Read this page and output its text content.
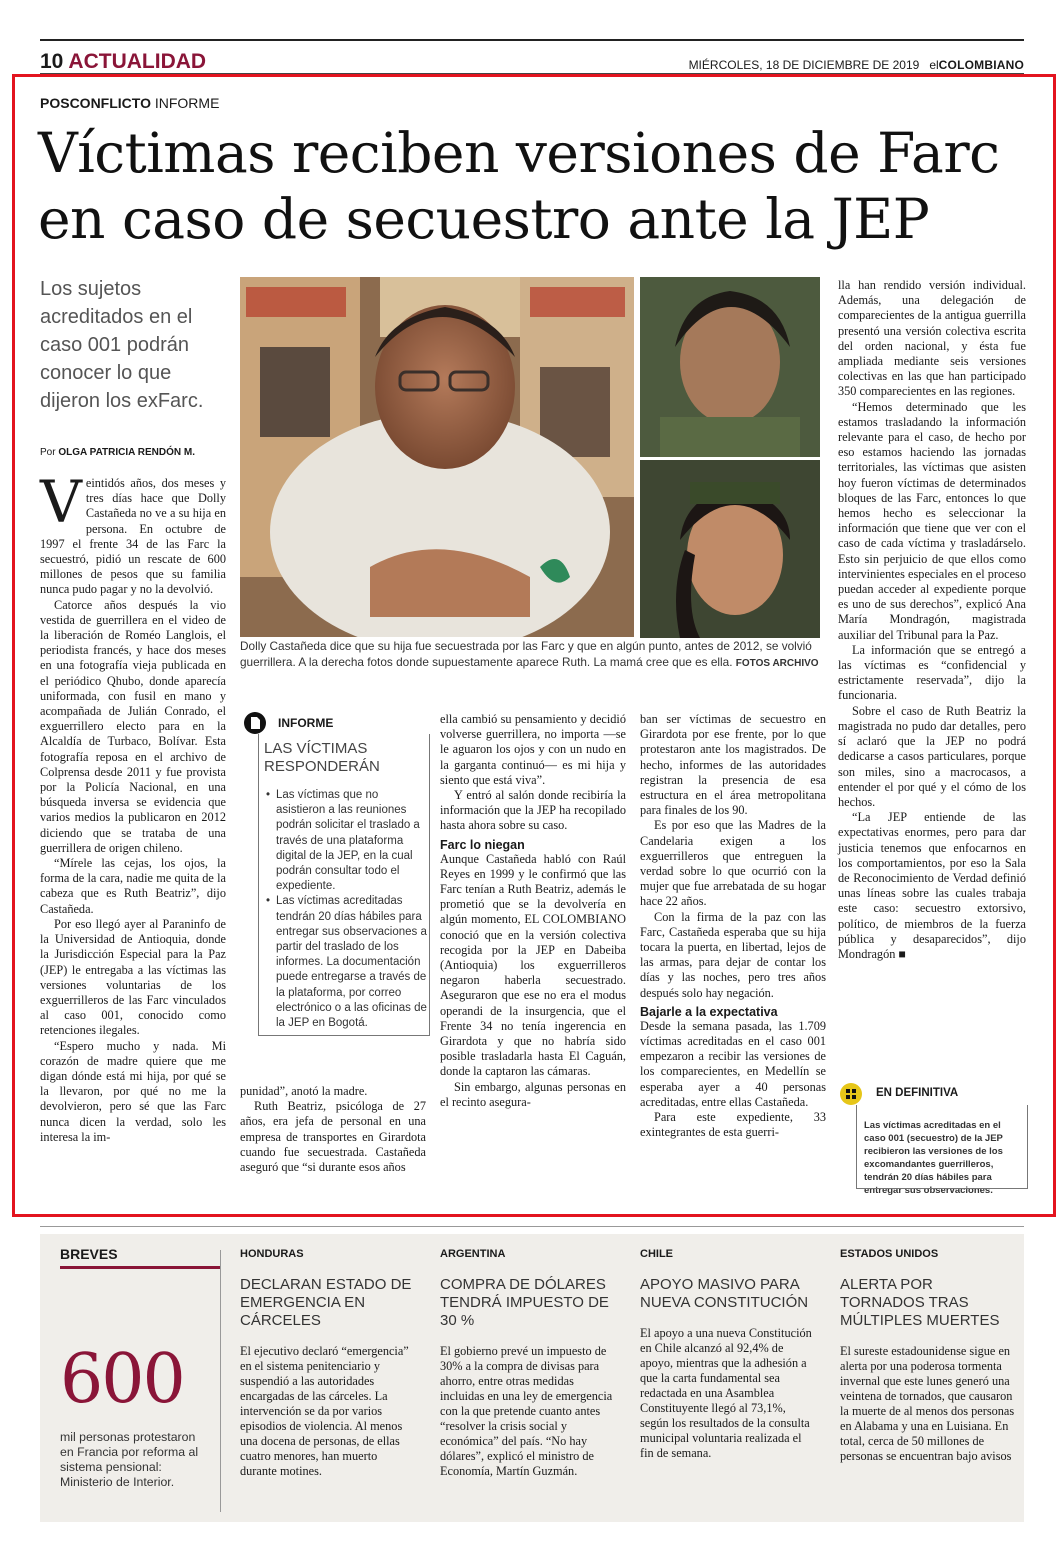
10 ACTUALIDAD	MIÉRCOLES, 18 DE DICIEMBRE DE 2019 elCOLOMBIANO
POSCONFLICTO INFORME
Víctimas reciben versiones de Farc
en caso de secuestro ante la JEP
Los sujetos acreditados en el caso 001 podrán conocer lo que dijeron los exFarc.
Por OLGA PATRICIA RENDÓN M.

Veintidós años, dos meses y tres días hace que Dolly Castañeda no ve a su hija en persona. En octubre de 1997 el frente 34 de las Farc la secuestró, pidió un rescate de 600 millones de pesos que su familia nunca pudo pagar y no la devolvió.

Catorce años después la vio vestida de guerrillera en el video de la liberación de Roméo Langlois, el periodista francés, y hace dos meses en una fotografía vieja publicada en el periódico Qhubo, donde aparecía uniformada, con fusil en mano y acompañada de Julián Conrado, el exguerrillero electo para en la Alcaldía de Turbaco, Bolívar. Esta fotografía reposa en el archivo de Colprensa desde 2011 y fue provista por la Policía Nacional, en una búsqueda inversa se evidencia que varios medios la publicaron en 2012 diciendo que se trataba de una guerrillera de origen chileno.

“Mírele las cejas, los ojos, la forma de la cara, nadie me quita de la cabeza que es Ruth Beatriz”, dijo Castañeda.

Por eso llegó ayer al Paraninfo de la Universidad de Antioquia, donde la Jurisdicción Especial para la Paz (JEP) le entregaba a las víctimas las versiones voluntarias de los exguerrilleros de las Farc vinculados al caso 001, conocido como retenciones ilegales.

“Espero mucho y nada. Mi corazón de madre quiere que me digan dónde está mi hija, por qué se la llevaron, por qué no me la devolvieron, pero sé que las Farc nunca dicen la verdad, solo les interesa la im-

Dolly Castañeda dice que su hija fue secuestrada por las Farc y que en algún punto, antes de 2012, se volvió guerrillera. A la derecha fotos donde supuestamente aparece Ruth. La mamá cree que es ella. FOTOS ARCHIVO
INFORME
LAS VÍCTIMAS RESPONDERÁN
• Las víctimas que no asistieron a las reuniones podrán solicitar el traslado a través de una plataforma digital de la JEP, en la cual podrán consultar todo el expediente.
• Las víctimas acreditadas tendrán 20 días hábiles para entregar sus observaciones a partir del traslado de los informes. La documentación puede entregarse a través de la plataforma, por correo electrónico o a las oficinas de la JEP en Bogotá.

punidad”, anotó la madre.

Ruth Beatriz, psicóloga de 27 años, era jefa de personal en una empresa de transportes en Girardota cuando fue secuestrada. Castañeda aseguró que “si durante esos años

ella cambió su pensamiento y decidió volverse guerrillera, no importa —se le aguaron los ojos y con un nudo en la garganta continuó— es mi hija y siento que está viva”.

Y entró al salón donde recibiría la información que la JEP ha recopilado hasta ahora sobre su caso.

Farc lo niegan

Aunque Castañeda habló con Raúl Reyes en 1999 y le confirmó que las Farc tenían a Ruth Beatriz, además le prometió que se la devolvería en algún momento, EL COLOMBIANO conoció que en la versión colectiva recogida por la JEP en Dabeiba (Antioquia) los exguerrilleros negaron haberla secuestrado. Aseguraron que ese no era el modus operandi de la insurgencia, que el Frente 34 no tenía ingerencia en Girardota y que no habría sido posible trasladarla hasta El Caguán, donde la captaron las cámaras.

Sin embargo, algunas personas en el recinto asegura-

ban ser víctimas de secuestro en Girardota por ese frente, por lo que protestaron ante los magistrados. De hecho, informes de las autoridades registran la presencia de esa estructura en el área metropolitana para finales de los 90.

Es por eso que las Madres de la Candelaria exigen a los exguerrilleros que entreguen la verdad sobre lo que ocurrió con la mujer que fue arrebatada de su hogar hace 22 años.

Con la firma de la paz con las Farc, Castañeda esperaba que su hija tocara la puerta, en libertad, lejos de las armas, para dejar de contar los días y las noches, pero tres años después solo hay negación.

Bajarle a la expectativa

Desde la semana pasada, las 1.709 víctimas acreditadas en el caso 001 empezaron a recibir las versiones de los comparecientes, en Medellín se esperaba ayer a 40 personas acreditadas, entre ellas Castañeda.

Para este expediente, 33 exintegrantes de esta guerri-

lla han rendido versión individual. Además, una delegación de comparecientes de la antigua guerrilla presentó una versión colectiva escrita del orden nacional, y ésta fue ampliada mediante seis versiones colectivas en las que han participado 350 comparecientes en las regiones.

“Hemos determinado que les estamos trasladando la información relevante para el caso, de hecho por eso estamos haciendo las jornadas territoriales, las víctimas que asisten hoy fueron víctimas de determinados bloques de las Farc, entonces lo que hemos hecho es seleccionar la información que tiene que ver con el caso de cada víctima y trasladárselo. Esto sin perjuicio de que ellos como intervinientes especiales en el proceso puedan acceder al expediente porque es uno de sus derechos”, explicó Ana María Mondragón, magistrada auxiliar del Tribunal para la Paz.

La información que se entregó a las víctimas es “confidencial y estrictamente reservada”, dijo la funcionaria.

Sobre el caso de Ruth Beatriz la magistrada no pudo dar detalles, pero sí aclaró que la JEP no podrá dedicarse a casos particulares, porque son miles, sino a macrocasos, a entender el por qué y el cómo de los hechos.

“La JEP entiende de las expectativas enormes, pero para dar justicia tenemos que enfocarnos en los comportamientos, por eso la Sala de Reconocimiento de Verdad definió unas líneas sobre las cuales trabaja este caso: secuestro extorsivo, político, de miembros de la fuerza pública y desaparecidos”, dijo Mondragón ■

EN DEFINITIVA
Las víctimas acreditadas en el caso 001 (secuestro) de la JEP recibieron las versiones de los excomandantes guerrilleros, tendrán 20 días hábiles para entregar sus observaciones.
BREVES
600
mil personas protestaron en Francia por reforma al sistema pensional: Ministerio de Interior.
HONDURAS
DECLARAN ESTADO DE EMERGENCIA EN CÁRCELES
El ejecutivo declaró “emergencia” en el sistema penitenciario y suspendió a las autoridades encargadas de las cárceles. La intervención se da por varios episodios de violencia. Al menos una docena de personas, de ellas cuatro menores, han muerto durante motines.
ARGENTINA
COMPRA DE DÓLARES TENDRÁ IMPUESTO DE 30 %
El gobierno prevé un impuesto de 30% a la compra de divisas para ahorro, entre otras medidas incluidas en una ley de emergencia con la que pretende cuanto antes “resolver la crisis social y económica” del país. “No hay dólares”, explicó el ministro de Economía, Martín Guzmán.
CHILE
APOYO MASIVO PARA NUEVA CONSTITUCIÓN
El apoyo a una nueva Constitución en Chile alcanzó al 92,4% de apoyo, mientras que la adhesión a que la carta fundamental sea redactada en una Asamblea Constituyente llegó al 73,1%, según los resultados de la consulta municipal voluntaria realizada el fin de semana.
ESTADOS UNIDOS
ALERTA POR TORNADOS TRAS MÚLTIPLES MUERTES
El sureste estadounidense sigue en alerta por una poderosa tormenta invernal que este lunes generó una veintena de tornados, que causaron la muerte de al menos dos personas en Alabama y una en Luisiana. En total, cerca de 50 millones de personas se encuentran bajo avisos
